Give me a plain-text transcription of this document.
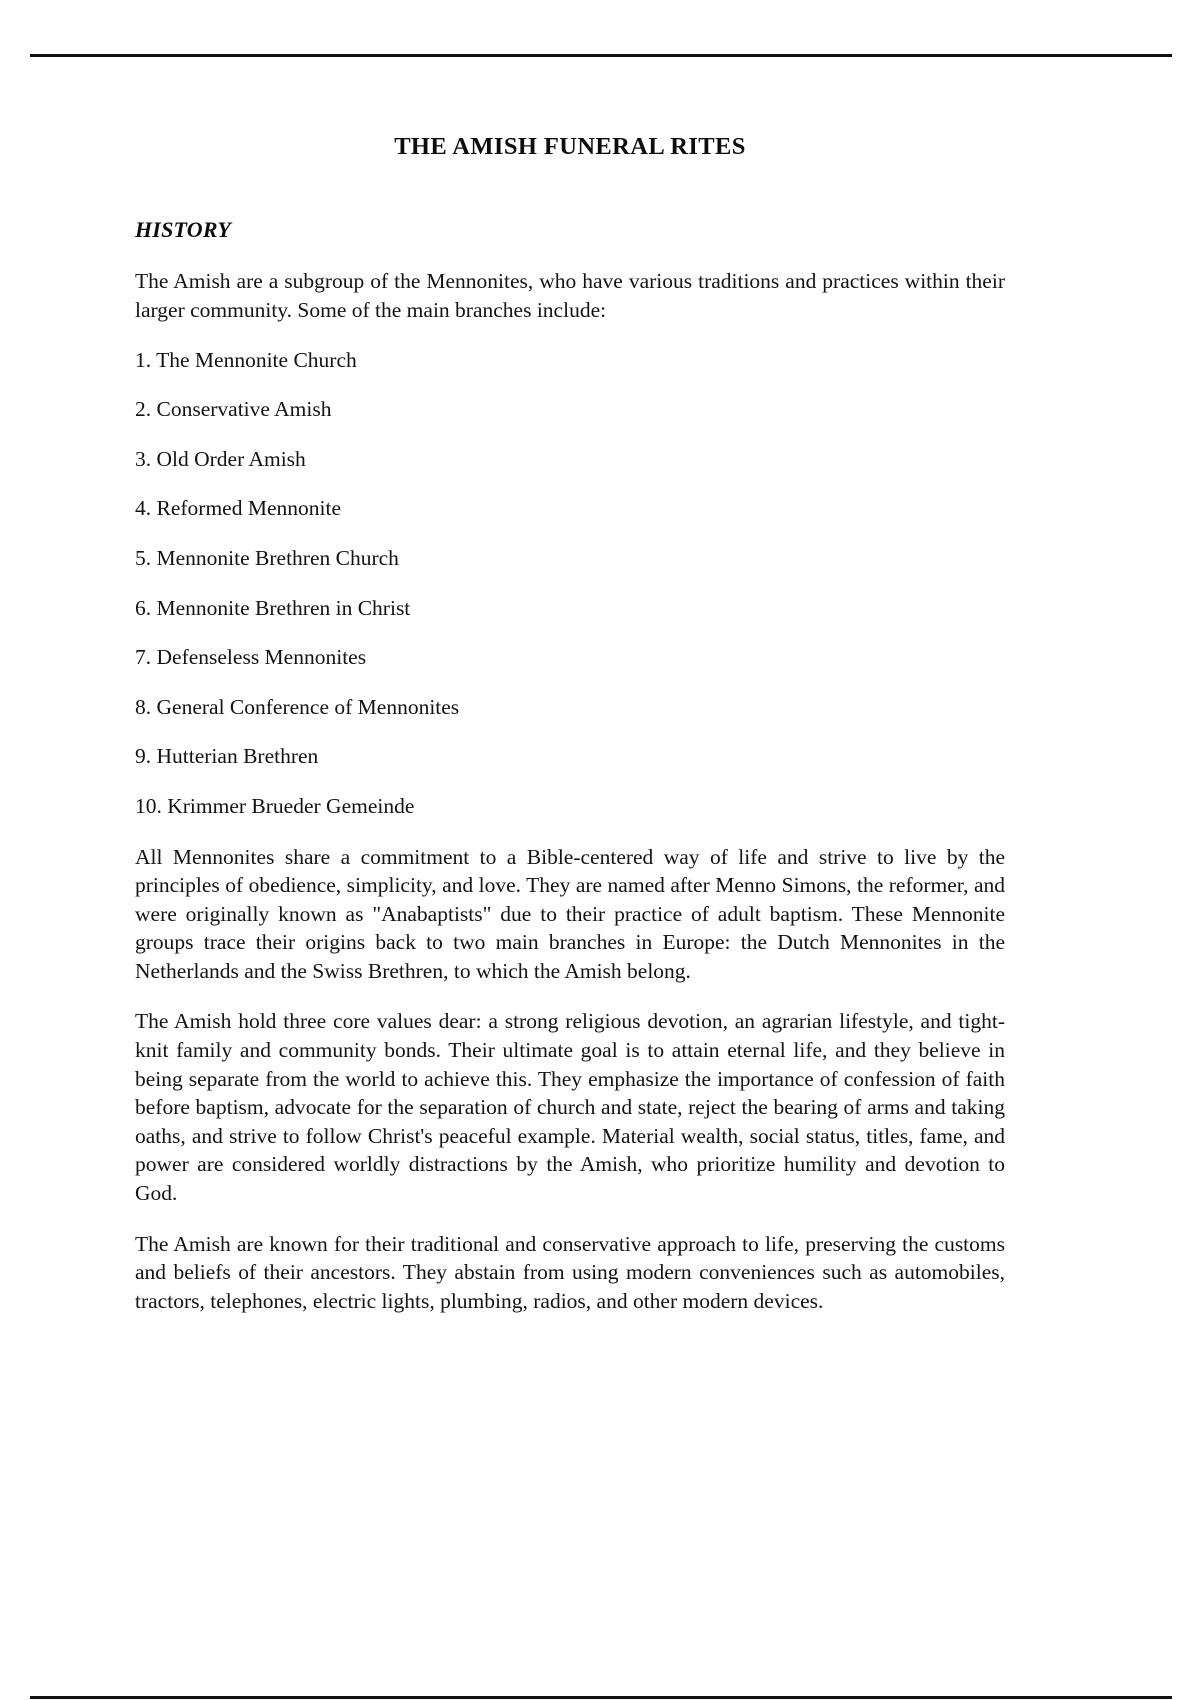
THE AMISH FUNERAL RITES
HISTORY

The Amish are a subgroup of the Mennonites, who have various traditions and practices within their larger community. Some of the main branches include:

1. The Mennonite Church
2. Conservative Amish
3. Old Order Amish
4. Reformed Mennonite
5. Mennonite Brethren Church
6. Mennonite Brethren in Christ
7. Defenseless Mennonites
8. General Conference of Mennonites
9. Hutterian Brethren
10. Krimmer Brueder Gemeinde

All Mennonites share a commitment to a Bible-centered way of life and strive to live by the principles of obedience, simplicity, and love. They are named after Menno Simons, the reformer, and were originally known as "Anabaptists" due to their practice of adult baptism. These Mennonite groups trace their origins back to two main branches in Europe: the Dutch Mennonites in the Netherlands and the Swiss Brethren, to which the Amish belong.

The Amish hold three core values dear: a strong religious devotion, an agrarian lifestyle, and tight-knit family and community bonds. Their ultimate goal is to attain eternal life, and they believe in being separate from the world to achieve this. They emphasize the importance of confession of faith before baptism, advocate for the separation of church and state, reject the bearing of arms and taking oaths, and strive to follow Christ's peaceful example. Material wealth, social status, titles, fame, and power are considered worldly distractions by the Amish, who prioritize humility and devotion to God.

The Amish are known for their traditional and conservative approach to life, preserving the customs and beliefs of their ancestors. They abstain from using modern conveniences such as automobiles, tractors, telephones, electric lights, plumbing, radios, and other modern devices.
